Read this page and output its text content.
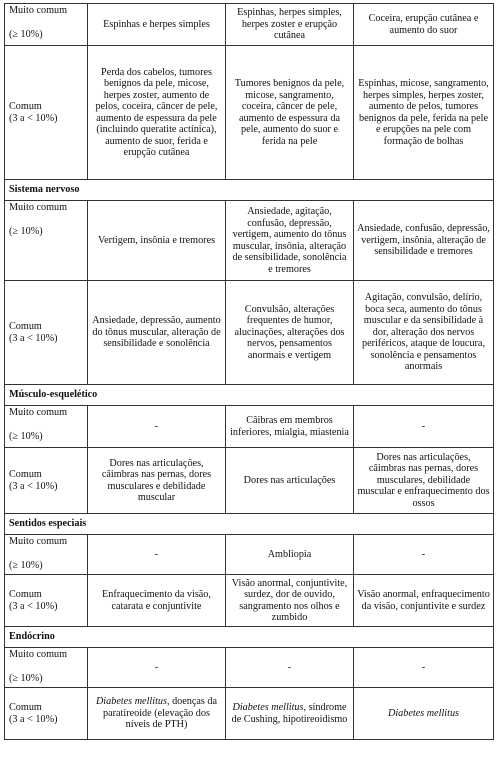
Muito comum
(≥ 10%)	Espinhas e herpes simples	Espinhas, herpes simples, herpes zoster e erupção cutânea	Coceira, erupção cutânea e aumento do suor

Comum
(3 a < 10%)	Perda dos cabelos, tumores benignos da pele, micose, herpes zoster, aumento de pelos, coceira, câncer de pele, aumento de espessura da pele (incluindo queratite actínica), aumento de suor, ferida e erupção cutânea	Tumores benignos da pele, micose, sangramento, coceira, câncer de pele, aumento de espessura da pele, aumento do suor e ferida na pele	Espinhas, micose, sangramento, herpes simples, herpes zoster, aumento de pelos, tumores benignos da pele, ferida na pele e erupções na pele com formação de bolhas
Sistema nervoso			

Muito comum
(≥ 10%)	Vertigem, insônia e tremores	Ansiedade, agitação, confusão, depressão, vertigem, aumento do tônus muscular, insônia, alteração de sensibilidade, sonolência e tremores	Ansiedade, confusão, depressão, vertigem, insônia, alteração de sensibilidade e tremores

Comum
(3 a < 10%)	Ansiedade, depressão, aumento do tônus muscular, alteração de sensibilidade e sonolência	Convulsão, alterações frequentes de humor, alucinações, alterações dos nervos, pensamentos anormais e vertigem	Agitação, convulsão, delírio, boca seca, aumento do tônus muscular e da sensibilidade à dor, alteração dos nervos periféricos, ataque de loucura, sonolência e pensamentos anormais
Músculo-esquelético			

Muito comum
(≥ 10%)	-	Câibras em membros inferiores, mialgia, miastenia	-

Comum
(3 a < 10%)	Dores nas articulações, câimbras nas pernas, dores musculares e debilidade muscular	Dores nas articulações	Dores nas articulações, câimbras nas pernas, dores musculares, debilidade muscular e enfraquecimento dos ossos
Sentidos especiais			

Muito comum
(≥ 10%)	-	Ambliopia	-

Comum
(3 a < 10%)	Enfraquecimento da visão, catarata e conjuntivite	Visão anormal, conjuntivite, surdez, dor de ouvido, sangramento nos olhos e zumbido	Visão anormal, enfraquecimento da visão, conjuntivite e surdez
Endócrino			

Muito comum
(≥ 10%)	-	-	-

Comum
(3 a < 10%)	Diabetes mellitus, doenças da paratireoide (elevação dos níveis de PTH)	Diabetes mellitus, síndrome de Cushing, hipotireoidismo	Diabetes mellitus
